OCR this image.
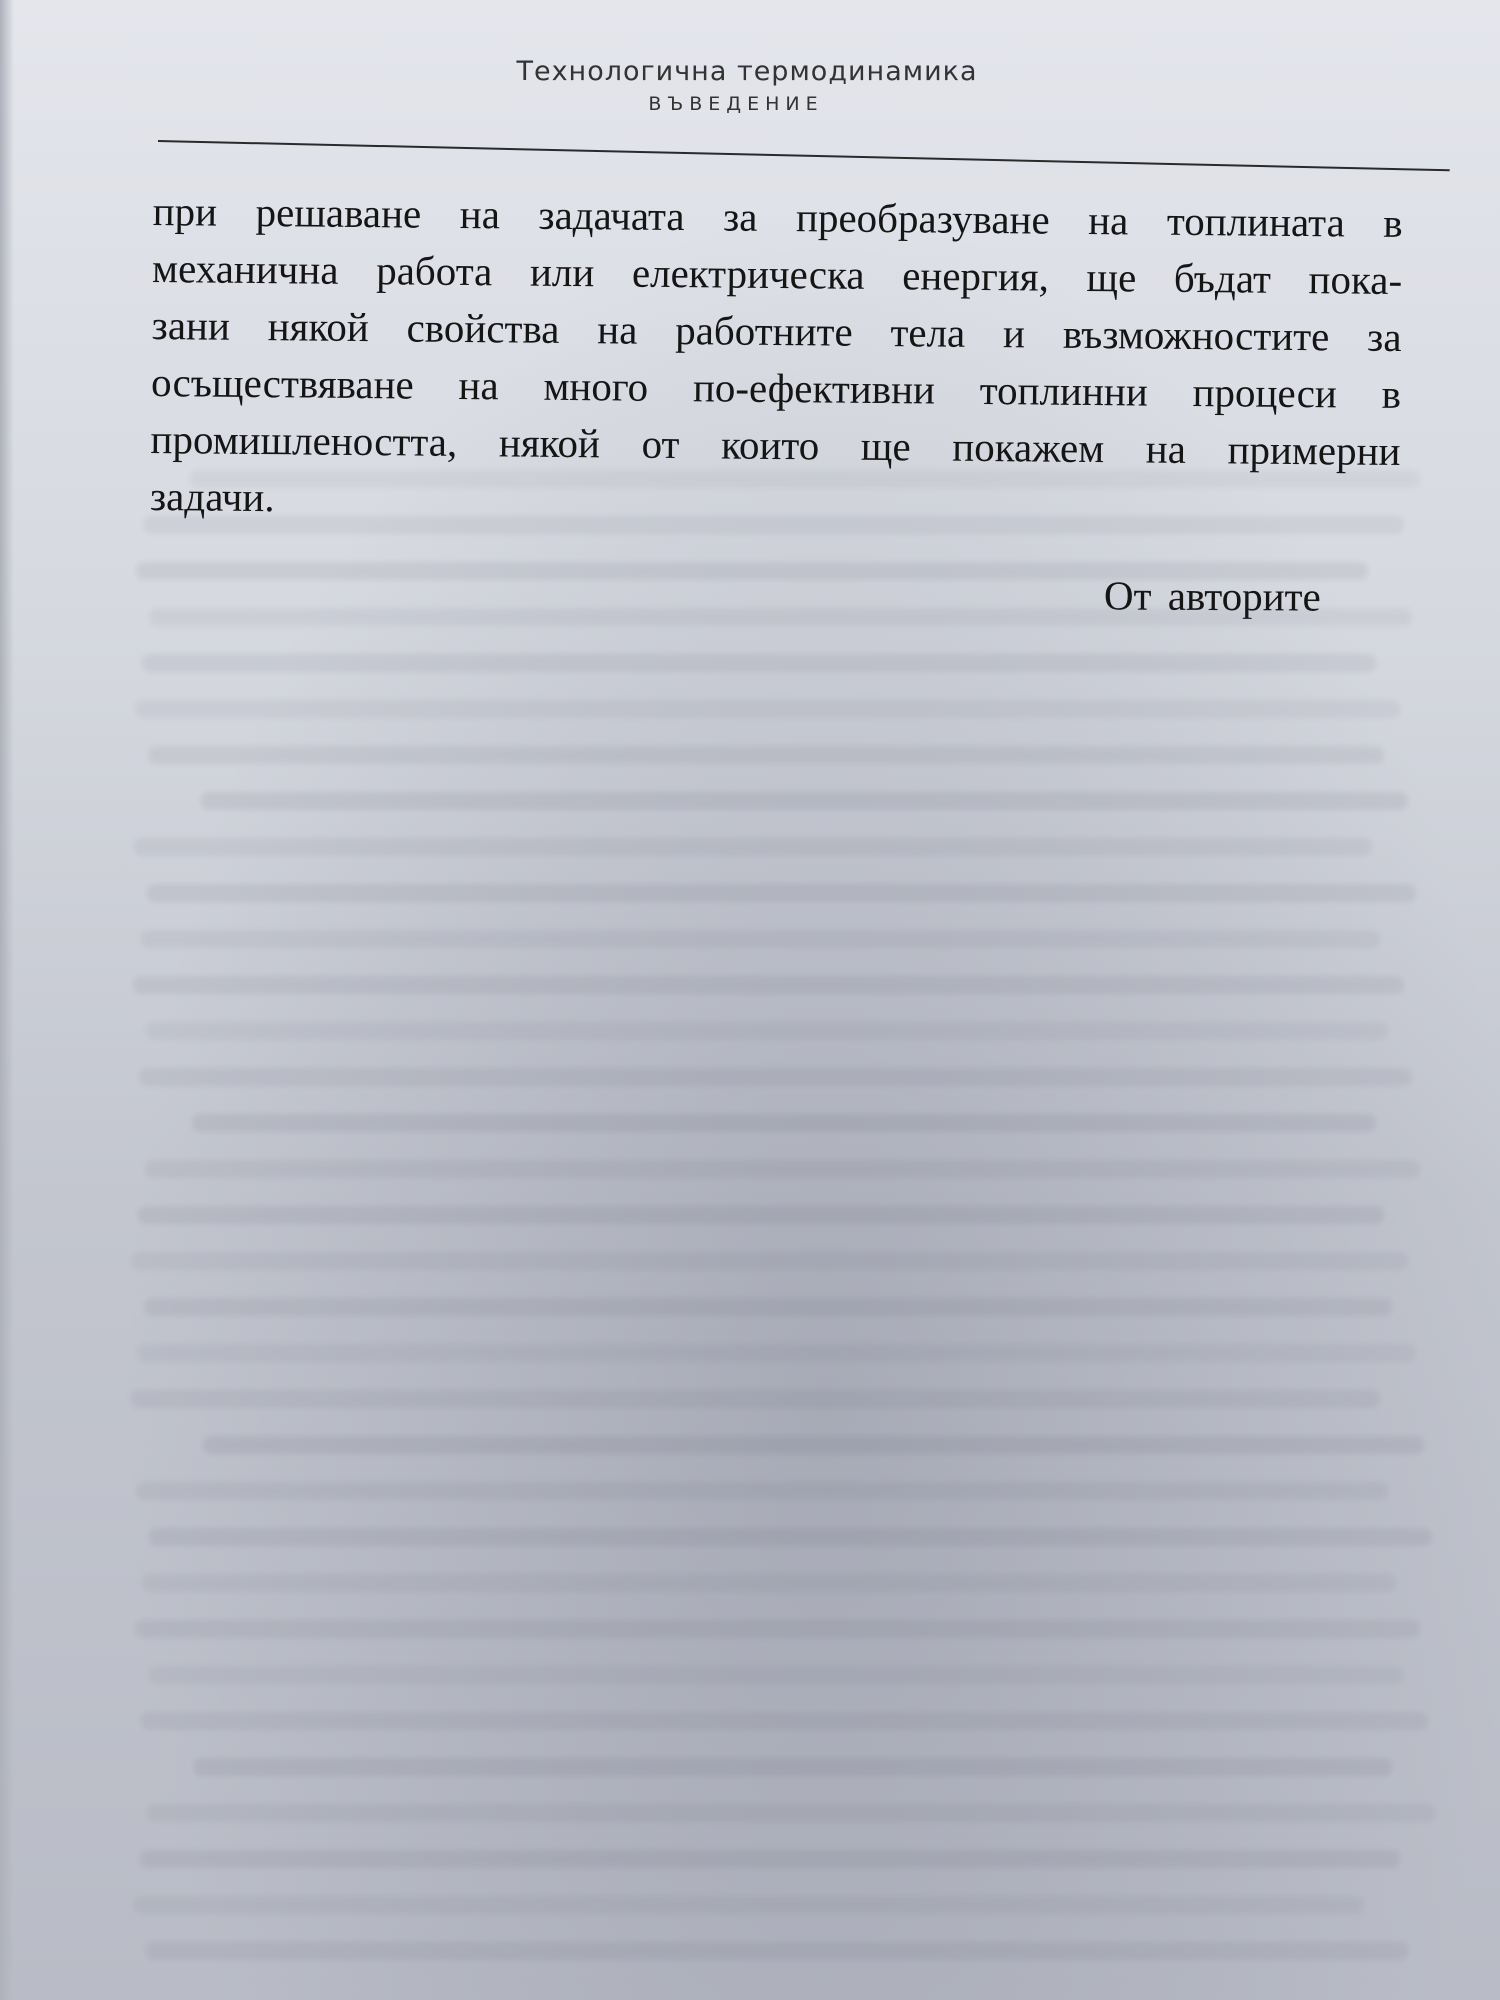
Технологична термодинамика
ВЪВЕДЕНИЕ
при решаване на задачата за преобразуване на топлината в
механична работа или електрическа енергия, ще бъдат пока-
зани някой свойства на работните тела и възможностите за
осъществяване на много по-ефективни топлинни процеси в
промишлеността, някой от които ще покажем на примерни
задачи.
От авторите
